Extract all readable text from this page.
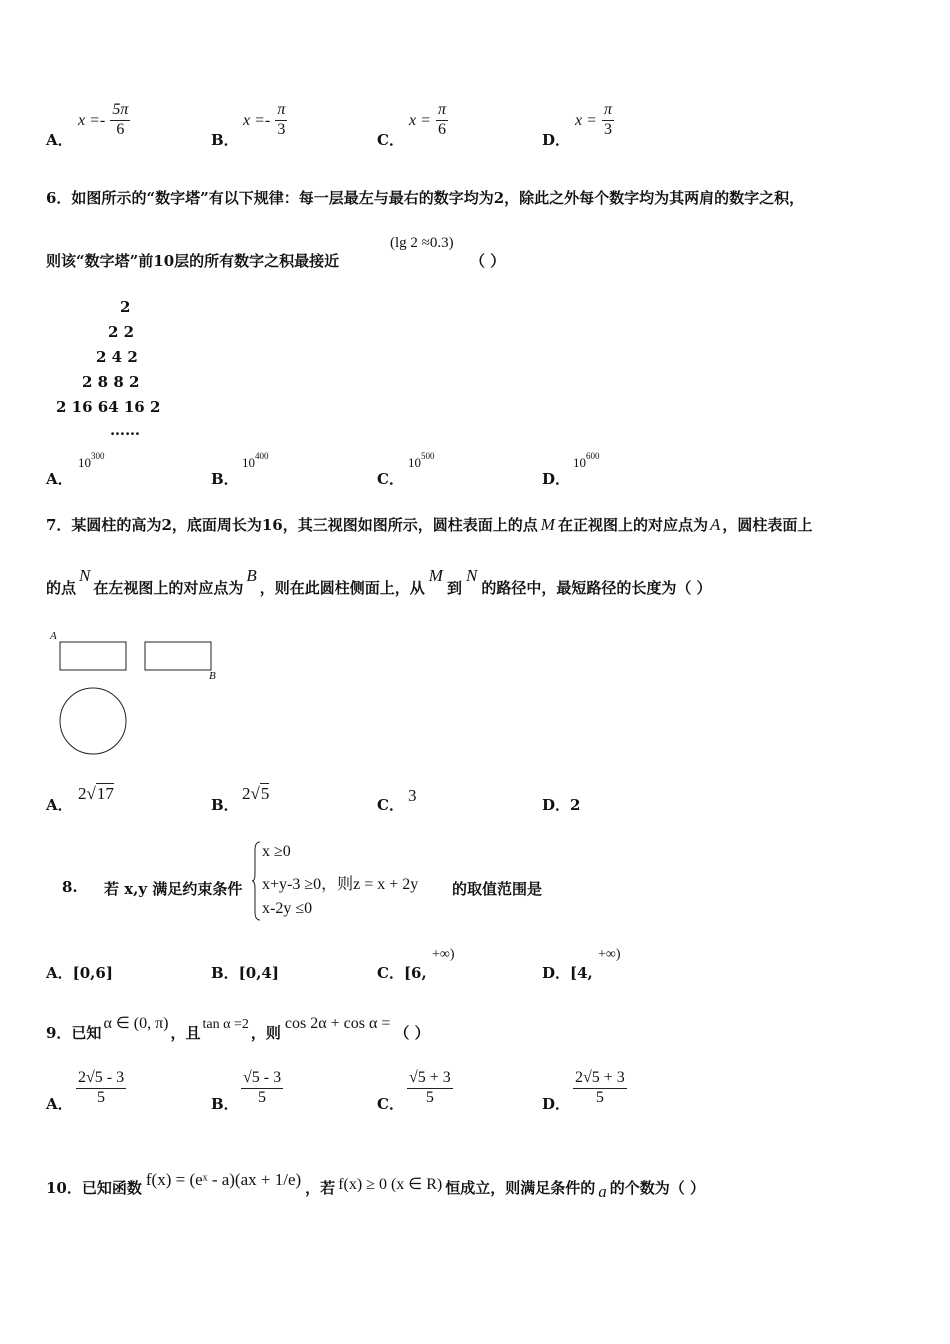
A．
$x =- \frac{5\pi}{6}$
B．
$x =- \frac{\pi}{3}$
C．
$x = \frac{\pi}{6}$
D．
$x = \frac{\pi}{3}$
6．如图所示的“数字塔”有以下规律：每一层最左与最右的数字均为2，除此之外每个数字均为其两肩的数字之积，
则该“数字塔”前10层的所有数字之积最接近
(lg 2 ≈0.3)
（ ）
2
2 2
2 4 2
2 8 8 2
2 16 64 16 2
……
A．
$10^{300}$
B．
$10^{400}$
C．
$10^{500}$
D．
$10^{600}$
7．某圆柱的高为2，底面周长为16，其三视图如图所示，圆柱表面上的点 M 在正视图上的对应点为 A ，圆柱表面上
的点N在左视图上的对应点为B，则在此圆柱侧面上，从M到N的路径中，最短路径的长度为（ ）
A
B
A．
2√17
B．
2√5
C． 3	D．2
8. 若 x,y 满足约束条件
x ≥0
x+y-3 ≥0，则z = x + 2y
x-2y ≤0
的取值范围是
A．[0,6]	B．[0,4]	C．[6,
+∞)
D．[4,
+∞)
9．已知α ∈ (0, π)，且 tan α =2 ，则cos 2α + cos α =（ ）
A． $\frac{2√5 - 3}{5}$	B． $\frac{√5 - 3}{5}$	C． $\frac{√5 + 3}{5}$	D． $\frac{2√5 + 3}{5}$
10．已知函数 f(x) = (eˣ - a)(ax + 1/e) ，若 f(x) ≥ 0 (x ∈ R) 恒成立，则满足条件的 a 的个数为（ ）
